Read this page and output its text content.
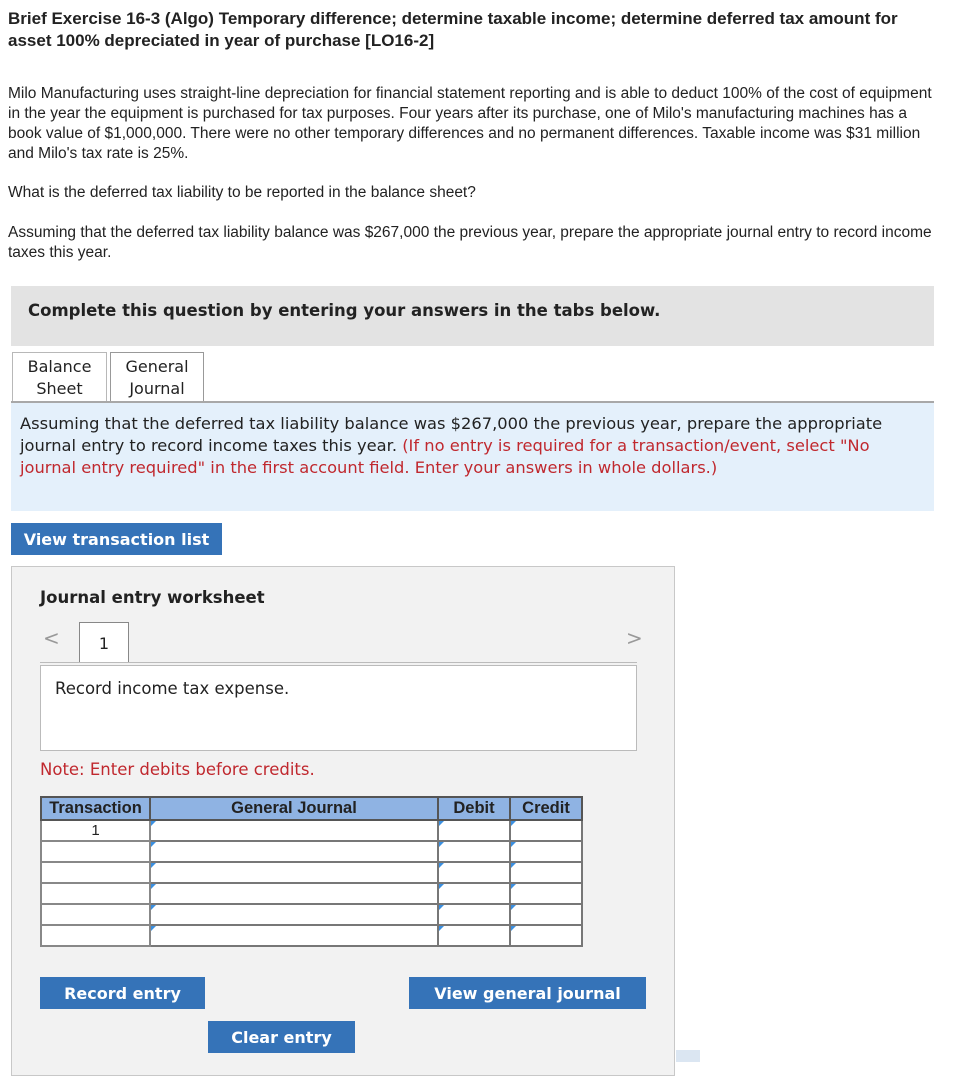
Brief Exercise 16-3 (Algo) Temporary difference; determine taxable income; determine deferred tax amount for asset 100% depreciated in year of purchase [LO16-2]

Milo Manufacturing uses straight-line depreciation for financial statement reporting and is able to deduct 100% of the cost of equipment in the year the equipment is purchased for tax purposes. Four years after its purchase, one of Milo's manufacturing machines has a book value of $1,000,000. There were no other temporary differences and no permanent differences. Taxable income was $31 million and Milo's tax rate is 25%.

What is the deferred tax liability to be reported in the balance sheet?

Assuming that the deferred tax liability balance was $267,000 the previous year, prepare the appropriate journal entry to record income taxes this year.

Complete this question by entering your answers in the tabs below.
Balance
Sheet
General
Journal
Assuming that the deferred tax liability balance was $267,000 the previous year, prepare the appropriate journal entry to record income taxes this year. (If no entry is required for a transaction/event, select "No journal entry required" in the first account field. Enter your answers in whole dollars.)
View transaction list
Journal entry worksheet
<	1	>
Record income tax expense.
Note: Enter debits before credits.
Transaction	General Journal	Debit	Credit
1			

Record entry	View general journal
Clear entry
